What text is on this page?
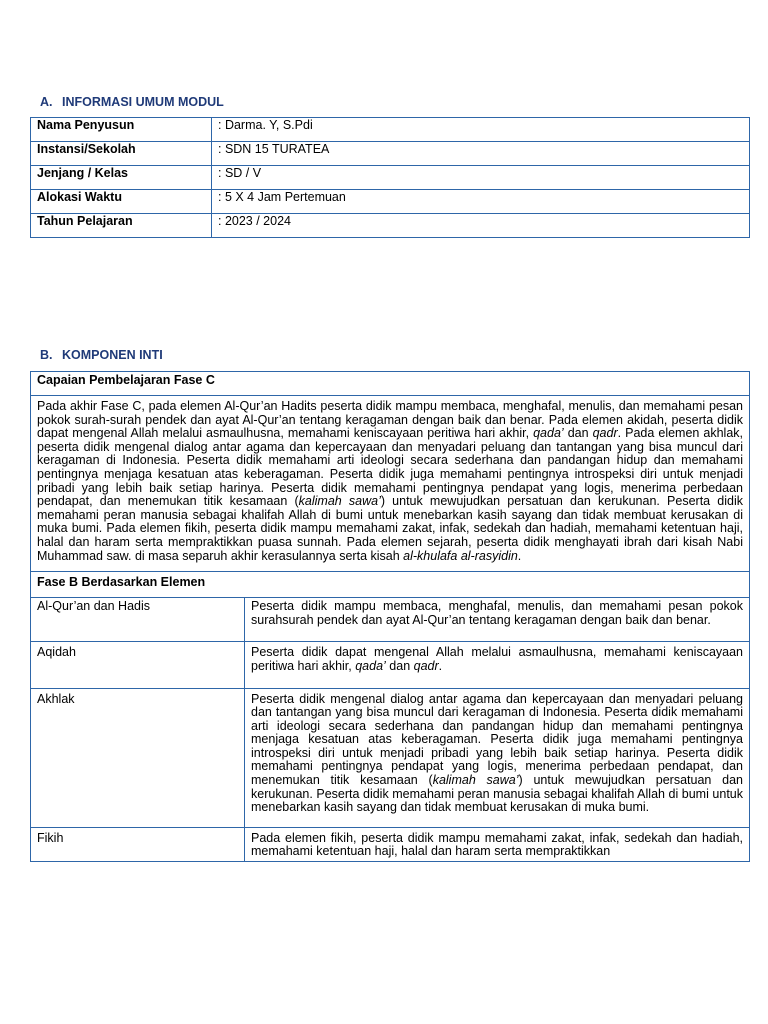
A. INFORMASI UMUM MODUL
Nama Penyusun	: Darma. Y, S.Pdi
Instansi/Sekolah	: SDN 15 TURATEA
Jenjang / Kelas	: SD / V
Alokasi Waktu	: 5 X 4 Jam Pertemuan
Tahun Pelajaran	: 2023 / 2024
B. KOMPONEN INTI
Capaian Pembelajaran Fase C	
Pada akhir Fase C, pada elemen Al-Qur’an Hadits peserta didik mampu membaca, menghafal, menulis, dan memahami pesan pokok surah-surah pendek dan ayat Al-Qur’an tentang keragaman dengan baik dan benar. Pada elemen akidah, peserta didik dapat mengenal Allah melalui asmaulhusna, memahami keniscayaan peritiwa hari akhir, qada’ dan qadr. Pada elemen akhlak, peserta didik mengenal dialog antar agama dan kepercayaan dan menyadari peluang dan tantangan yang bisa muncul dari keragaman di Indonesia. Peserta didik memahami arti ideologi secara sederhana dan pandangan hidup dan memahami pentingnya menjaga kesatuan atas keberagaman. Peserta didik juga memahami pentingnya introspeksi diri untuk menjadi pribadi yang lebih baik setiap harinya. Peserta didik memahami pentingnya pendapat yang logis, menerima perbedaan pendapat, dan menemukan titik kesamaan (kalimah sawa’) untuk mewujudkan persatuan dan kerukunan. Peserta didik memahami peran manusia sebagai khalifah Allah di bumi untuk menebarkan kasih sayang dan tidak membuat kerusakan di muka bumi. Pada elemen fikih, peserta didik mampu memahami zakat, infak, sedekah dan hadiah, memahami ketentuan haji, halal dan haram serta mempraktikkan puasa sunnah. Pada elemen sejarah, peserta didik menghayati ibrah dari kisah Nabi Muhammad saw. di masa separuh akhir kerasulannya serta kisah al-khulafa al-rasyidin.	
Fase B Berdasarkan Elemen	
Al-Qur’an dan Hadis	Peserta didik mampu membaca, menghafal, menulis, dan memahami pesan pokok surahsurah pendek dan ayat Al-Qur’an tentang keragaman dengan baik dan benar.
Aqidah	Peserta didik dapat mengenal Allah melalui asmaulhusna, memahami keniscayaan peritiwa hari akhir, qada’ dan qadr.
Akhlak	Peserta didik mengenal dialog antar agama dan kepercayaan dan menyadari peluang dan tantangan yang bisa muncul dari keragaman di Indonesia. Peserta didik memahami arti ideologi secara sederhana dan pandangan hidup dan memahami pentingnya menjaga kesatuan atas keberagaman. Peserta didik juga memahami pentingnya introspeksi diri untuk menjadi pribadi yang lebih baik setiap harinya. Peserta didik memahami pentingnya pendapat yang logis, menerima perbedaan pendapat, dan menemukan titik kesamaan (kalimah sawa’) untuk mewujudkan persatuan dan kerukunan. Peserta didik memahami peran manusia sebagai khalifah Allah di bumi untuk menebarkan kasih sayang dan tidak membuat kerusakan di muka bumi.
Fikih	Pada elemen fikih, peserta didik mampu memahami zakat, infak, sedekah dan hadiah, memahami ketentuan haji, halal dan haram serta mempraktikkan
